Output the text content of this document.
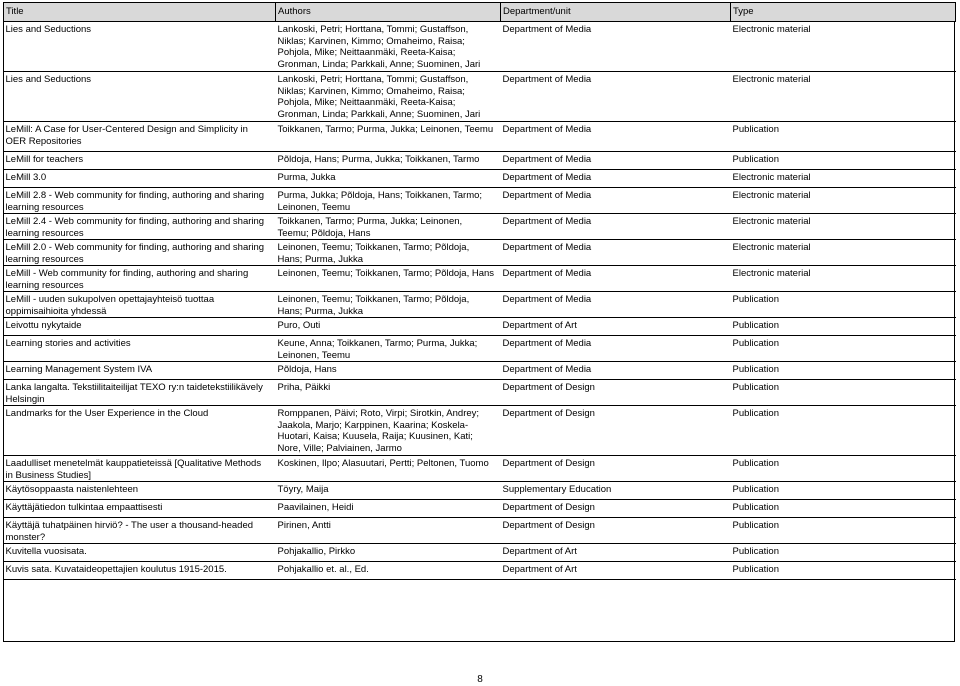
Title	Authors	Department/unit	Type
Lies and Seductions	Lankoski, Petri; Horttana, Tommi; Gustaffson, Niklas; Karvinen, Kimmo; Omaheimo, Raisa; Pohjola, Mike; Neittaanmäki, Reeta-Kaisa; Gronman, Linda; Parkkali, Anne; Suominen, Jari	Department of Media	Electronic material
Lies and Seductions	Lankoski, Petri; Horttana, Tommi; Gustaffson, Niklas; Karvinen, Kimmo; Omaheimo, Raisa; Pohjola, Mike; Neittaanmäki, Reeta-Kaisa; Gronman, Linda; Parkkali, Anne; Suominen, Jari	Department of Media	Electronic material
LeMill: A Case for User-Centered Design and Simplicity in OER Repositories	Toikkanen, Tarmo; Purma, Jukka; Leinonen, Teemu	Department of Media	Publication
LeMill for teachers	Põldoja, Hans; Purma, Jukka; Toikkanen, Tarmo	Department of Media	Publication
LeMill 3.0	Purma, Jukka	Department of Media	Electronic material
LeMill 2.8 - Web community for finding, authoring and sharing learning resources	Purma, Jukka; Põldoja, Hans; Toikkanen, Tarmo; Leinonen, Teemu	Department of Media	Electronic material
LeMill 2.4 - Web community for finding, authoring and sharing learning resources	Toikkanen, Tarmo; Purma, Jukka; Leinonen, Teemu; Põldoja, Hans	Department of Media	Electronic material
LeMill 2.0 - Web community for finding, authoring and sharing learning resources	Leinonen, Teemu; Toikkanen, Tarmo; Põldoja, Hans; Purma, Jukka	Department of Media	Electronic material
LeMill - Web community for finding, authoring and sharing learning resources	Leinonen, Teemu; Toikkanen, Tarmo; Põldoja, Hans	Department of Media	Electronic material
LeMill - uuden sukupolven opettajayhteisö tuottaa oppimisaihioita yhdessä	Leinonen, Teemu; Toikkanen, Tarmo; Põldoja, Hans; Purma, Jukka	Department of Media	Publication
Leivottu nykytaide	Puro, Outi	Department of Art	Publication
Learning stories and activities	Keune, Anna; Toikkanen, Tarmo; Purma, Jukka; Leinonen, Teemu	Department of Media	Publication
Learning Management System IVA	Põldoja, Hans	Department of Media	Publication
Lanka langalta. Tekstiilitaiteilijat TEXO ry:n taidetekstiilikävely Helsingin	Priha, Päikki	Department of Design	Publication
Landmarks for the User Experience in the Cloud	Romppanen, Päivi; Roto, Virpi; Sirotkin, Andrey; Jaakola, Marjo; Karppinen, Kaarina; Koskela-Huotari, Kaisa; Kuusela, Raija; Kuusinen, Kati; Nore, Ville; Palviainen, Jarmo	Department of Design	Publication
Laadulliset menetelmät kauppatieteissä [Qualitative Methods in Business Studies]	Koskinen, Ilpo; Alasuutari, Pertti; Peltonen, Tuomo	Department of Design	Publication
Käytösoppaasta naistenlehteen	Töyry, Maija	Supplementary Education	Publication
Käyttäjätiedon tulkintaa empaattisesti	Paavilainen, Heidi	Department of Design	Publication
Käyttäjä tuhatpäinen hirviö? - The user a thousand-headed monster?	Pirinen, Antti	Department of Design	Publication
Kuvitella vuosisata.	Pohjakallio, Pirkko	Department of Art	Publication
Kuvis sata. Kuvataideopettajien koulutus 1915-2015.	Pohjakallio et. al., Ed.	Department of Art	Publication
8
